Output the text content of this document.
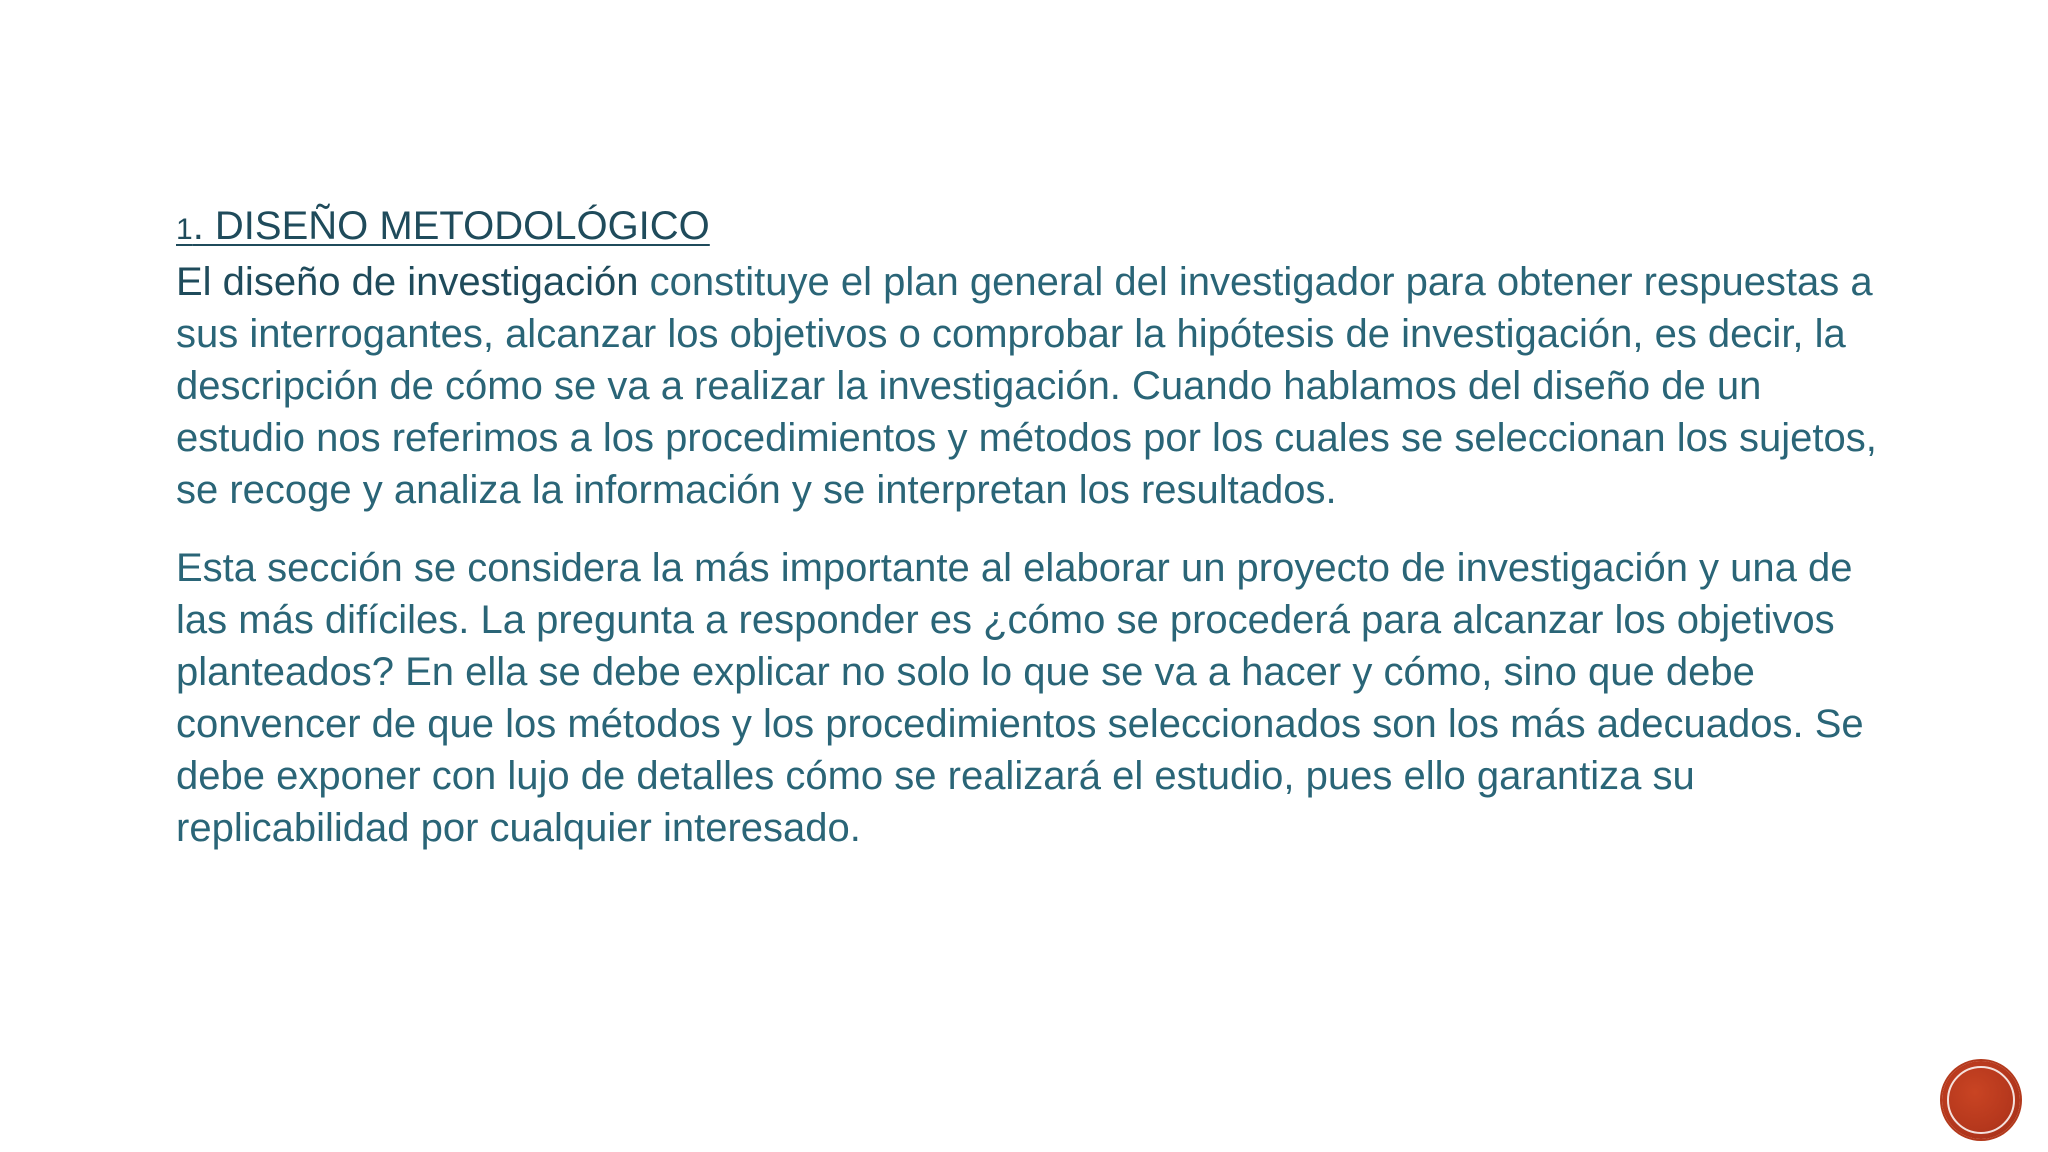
1. DISEÑO METODOLÓGICO

El diseño de investigación constituye el plan general del investigador para obtener respuestas a sus interrogantes, alcanzar los objetivos o comprobar la hipótesis de investigación, es decir, la descripción de cómo se va a realizar la investigación. Cuando hablamos del diseño de un estudio nos referimos a los procedimientos y métodos por los cuales se seleccionan los sujetos, se recoge y analiza la información y se interpretan los resultados.

Esta sección se considera la más importante al elaborar un proyecto de investigación y una de las más difíciles. La pregunta a responder es ¿cómo se procederá para alcanzar los objetivos planteados? En ella se debe explicar no solo lo que se va a hacer y cómo, sino que debe convencer de que los métodos y los procedimientos seleccionados son los más adecuados. Se debe exponer con lujo de detalles cómo se realizará el estudio, pues ello garantiza su replicabilidad por cualquier interesado.
